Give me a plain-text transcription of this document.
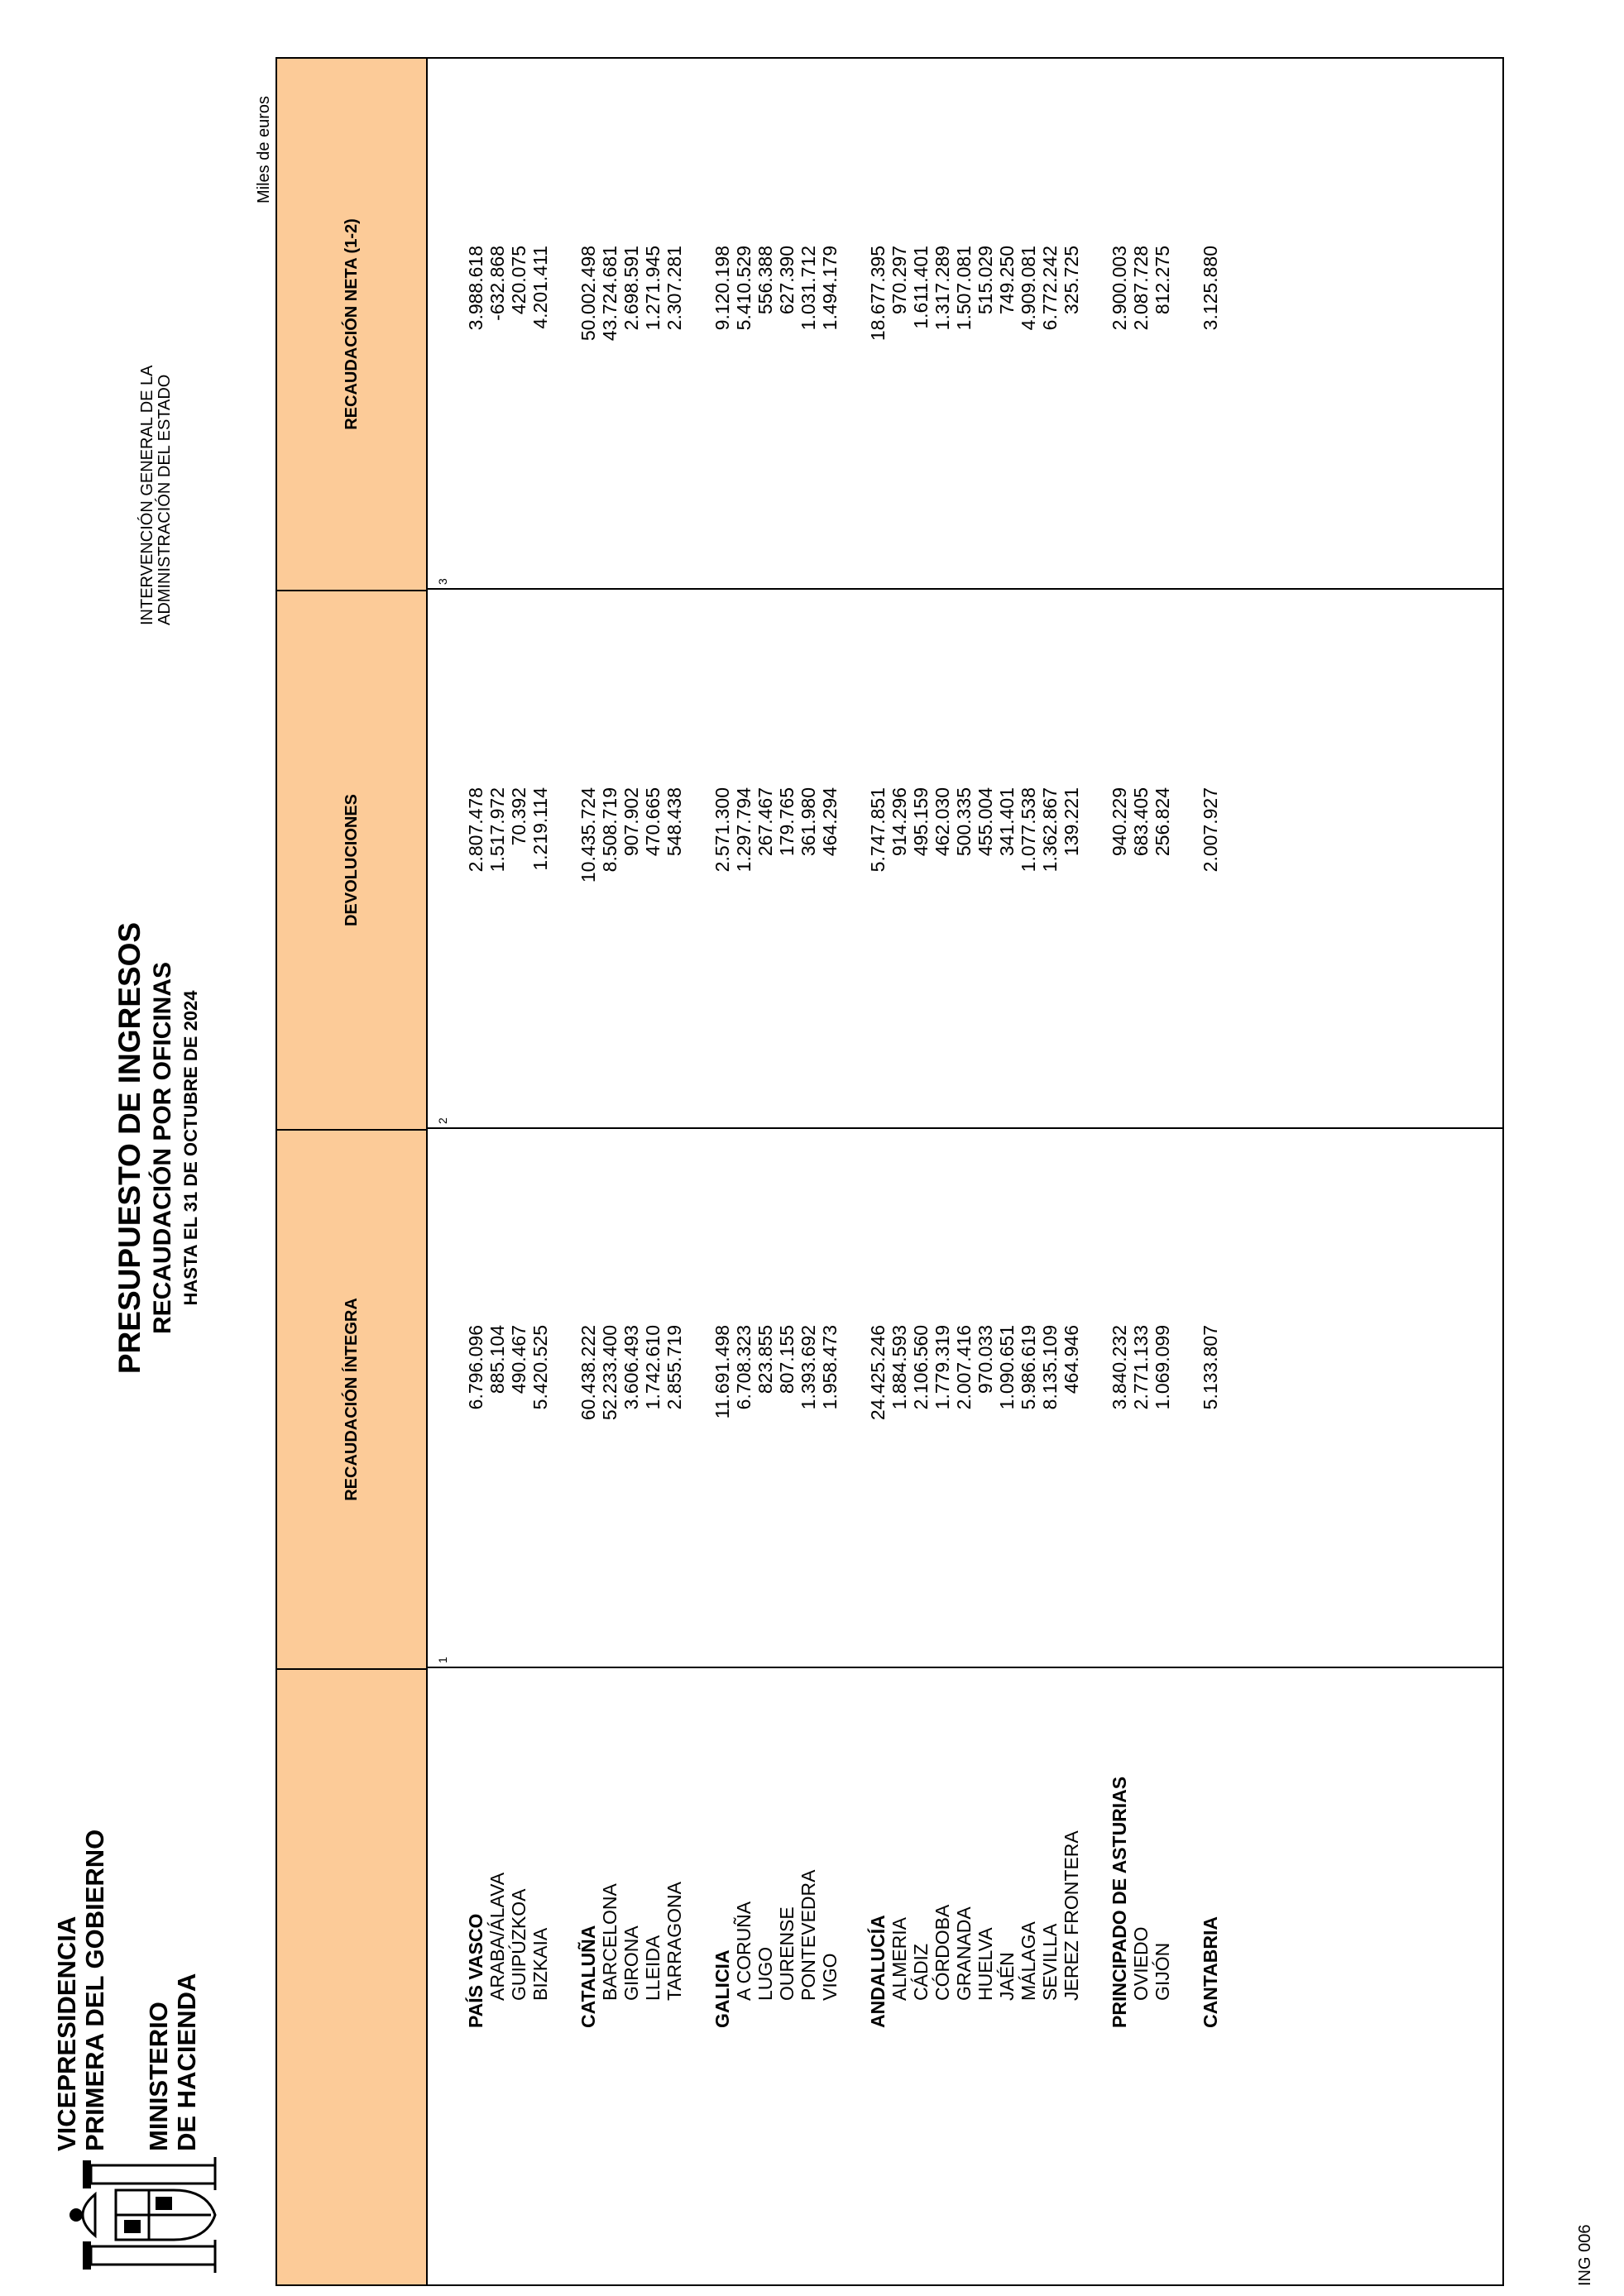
VICEPRESIDENCIA PRIMERA DEL GOBIERNO MINISTERIO DE HACIENDA
PRESUPUESTO DE INGRESOS RECAUDACIÓN POR OFICINAS HASTA EL 31 DE OCTUBRE DE 2024
INTERVENCIÓN GENERAL DE LA ADMINISTRACIÓN DEL ESTADO
Miles de euros
RECAUDACIÓN ÍNTEGRA
DEVOLUCIONES
RECAUDACIÓN NETA (1-2)
1
2
3
PAÍS VASCO
6.796.096
2.807.478
3.988.618
ARABA/ÁLAVA
885.104
1.517.972
-632.868
GUIPÚZKOA
490.467
70.392
420.075
BIZKAIA
5.420.525
1.219.114
4.201.411
CATALUÑA
60.438.222
10.435.724
50.002.498
BARCELONA
52.233.400
8.508.719
43.724.681
GIRONA
3.606.493
907.902
2.698.591
LLEIDA
1.742.610
470.665
1.271.945
TARRAGONA
2.855.719
548.438
2.307.281
GALICIA
11.691.498
2.571.300
9.120.198
A CORUÑA
6.708.323
1.297.794
5.410.529
LUGO
823.855
267.467
556.388
OURENSE
807.155
179.765
627.390
PONTEVEDRA
1.393.692
361.980
1.031.712
VIGO
1.958.473
464.294
1.494.179
ANDALUCÍA
24.425.246
5.747.851
18.677.395
ALMERIA
1.884.593
914.296
970.297
CÁDIZ
2.106.560
495.159
1.611.401
CÓRDOBA
1.779.319
462.030
1.317.289
GRANADA
2.007.416
500.335
1.507.081
HUELVA
970.033
455.004
515.029
JAÉN
1.090.651
341.401
749.250
MÁLAGA
5.986.619
1.077.538
4.909.081
SEVILLA
8.135.109
1.362.867
6.772.242
JEREZ FRONTERA
464.946
139.221
325.725
PRINCIPADO DE ASTURIAS
3.840.232
940.229
2.900.003
OVIEDO
2.771.133
683.405
2.087.728
GIJÓN
1.069.099
256.824
812.275
CANTABRIA
5.133.807
2.007.927
3.125.880
ING 006
